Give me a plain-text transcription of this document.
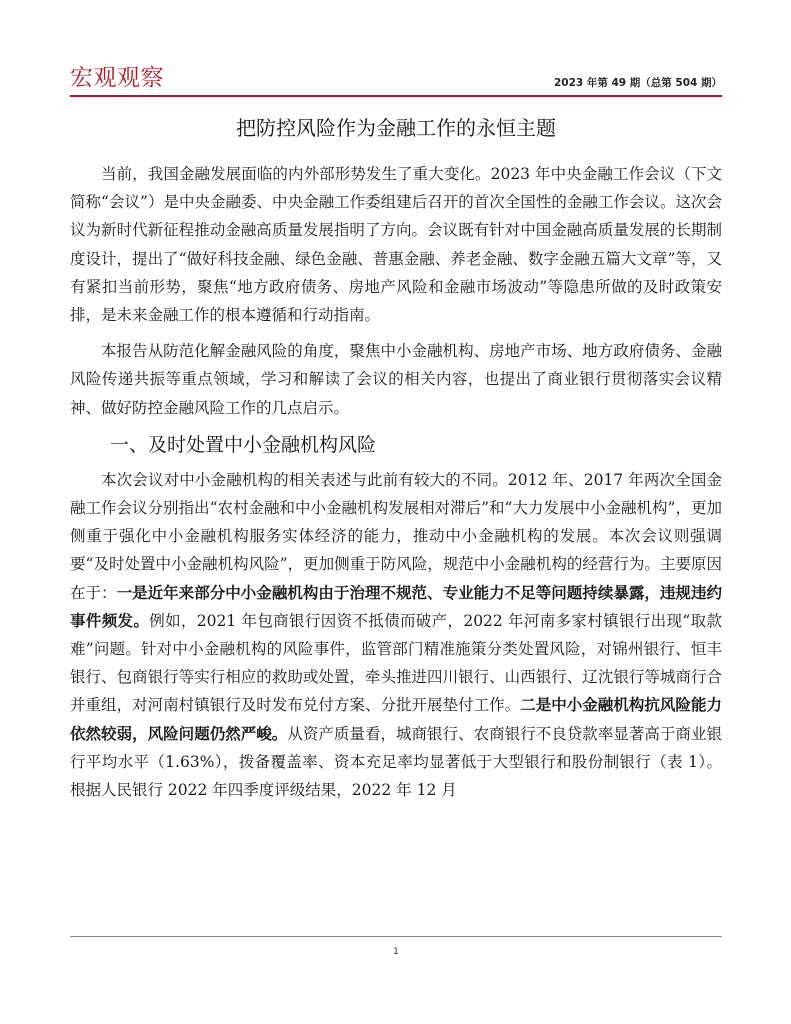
宏观观察	2023 年第 49 期（总第 504 期）
把防控风险作为金融工作的永恒主题

当前，我国金融发展面临的内外部形势发生了重大变化。2023 年中央金融工作会议（下文简称“会议”）是中央金融委、中央金融工作委组建后召开的首次全国性的金融工作会议。这次会议为新时代新征程推动金融高质量发展指明了方向。会议既有针对中国金融高质量发展的长期制度设计，提出了“做好科技金融、绿色金融、普惠金融、养老金融、数字金融五篇大文章”等，又有紧扣当前形势，聚焦“地方政府债务、房地产风险和金融市场波动”等隐患所做的及时政策安排，是未来金融工作的根本遵循和行动指南。

本报告从防范化解金融风险的角度，聚焦中小金融机构、房地产市场、地方政府债务、金融风险传递共振等重点领域，学习和解读了会议的相关内容，也提出了商业银行贯彻落实会议精神、做好防控金融风险工作的几点启示。

一、及时处置中小金融机构风险

本次会议对中小金融机构的相关表述与此前有较大的不同。2012 年、2017 年两次全国金融工作会议分别指出“农村金融和中小金融机构发展相对滞后”和“大力发展中小金融机构”，更加侧重于强化中小金融机构服务实体经济的能力，推动中小金融机构的发展。本次会议则强调要“及时处置中小金融机构风险”，更加侧重于防风险，规范中小金融机构的经营行为。主要原因在于：一是近年来部分中小金融机构由于治理不规范、专业能力不足等问题持续暴露，违规违约事件频发。例如，2021 年包商银行因资不抵债而破产，2022 年河南多家村镇银行出现“取款难”问题。针对中小金融机构的风险事件，监管部门精准施策分类处置风险，对锦州银行、恒丰银行、包商银行等实行相应的救助或处置，牵头推进四川银行、山西银行、辽沈银行等城商行合并重组，对河南村镇银行及时发布兑付方案、分批开展垫付工作。二是中小金融机构抗风险能力依然较弱，风险问题仍然严峻。从资产质量看，城商银行、农商银行不良贷款率显著高于商业银行平均水平（1.63%），拨备覆盖率、资本充足率均显著低于大型银行和股份制银行（表 1）。根据人民银行 2022 年四季度评级结果，2022 年 12 月

1
